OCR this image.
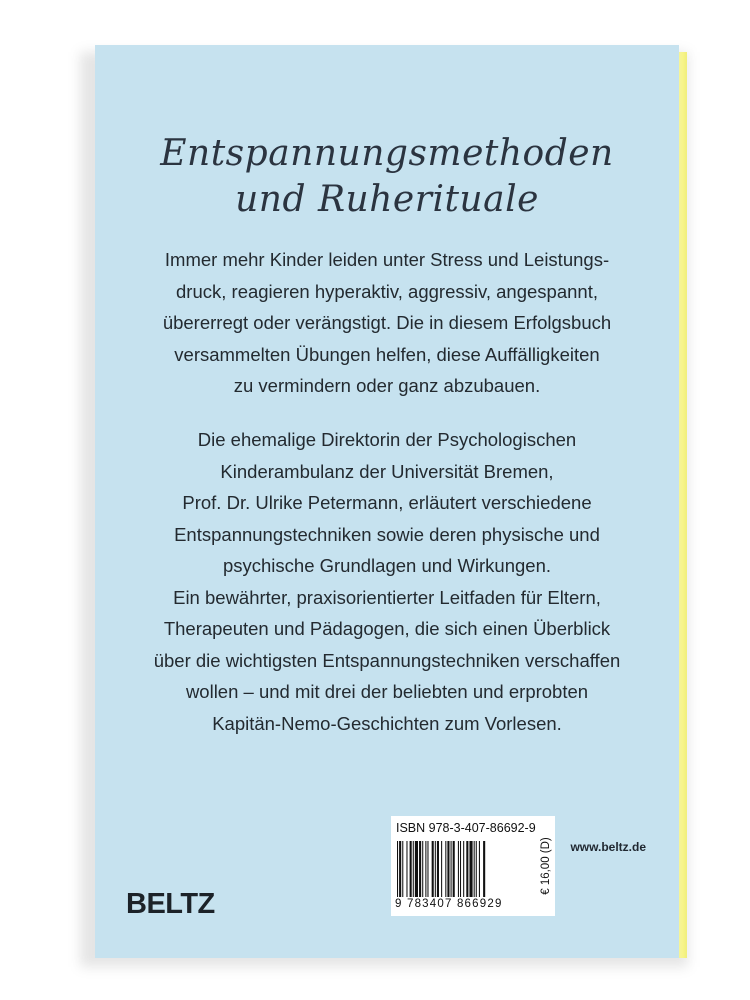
Entspannungsmethoden
und Ruherituale

Immer mehr Kinder leiden unter Stress und Leistungs-
druck, reagieren hyperaktiv, aggressiv, angespannt,
übererregt oder verängstigt. Die in diesem Erfolgsbuch
versammelten Übungen helfen, diese Auffälligkeiten
zu vermindern oder ganz abzubauen.

Die ehemalige Direktorin der Psychologischen
Kinderambulanz der Universität Bremen,
Prof. Dr. Ulrike Petermann, erläutert verschiedene
Entspannungstechniken sowie deren physische und
psychische Grundlagen und Wirkungen.
Ein bewährter, praxisorientierter Leitfaden für Eltern,
Therapeuten und Pädagogen, die sich einen Überblick
über die wichtigsten Entspannungstechniken verschaffen
wollen – und mit drei der beliebten und erprobten
Kapitän-Nemo-Geschichten zum Vorlesen.

www.beltz.de
BELTZ
ISBN 978-3-407-86692-9
9 783407 866929
€ 16,00 (D)
